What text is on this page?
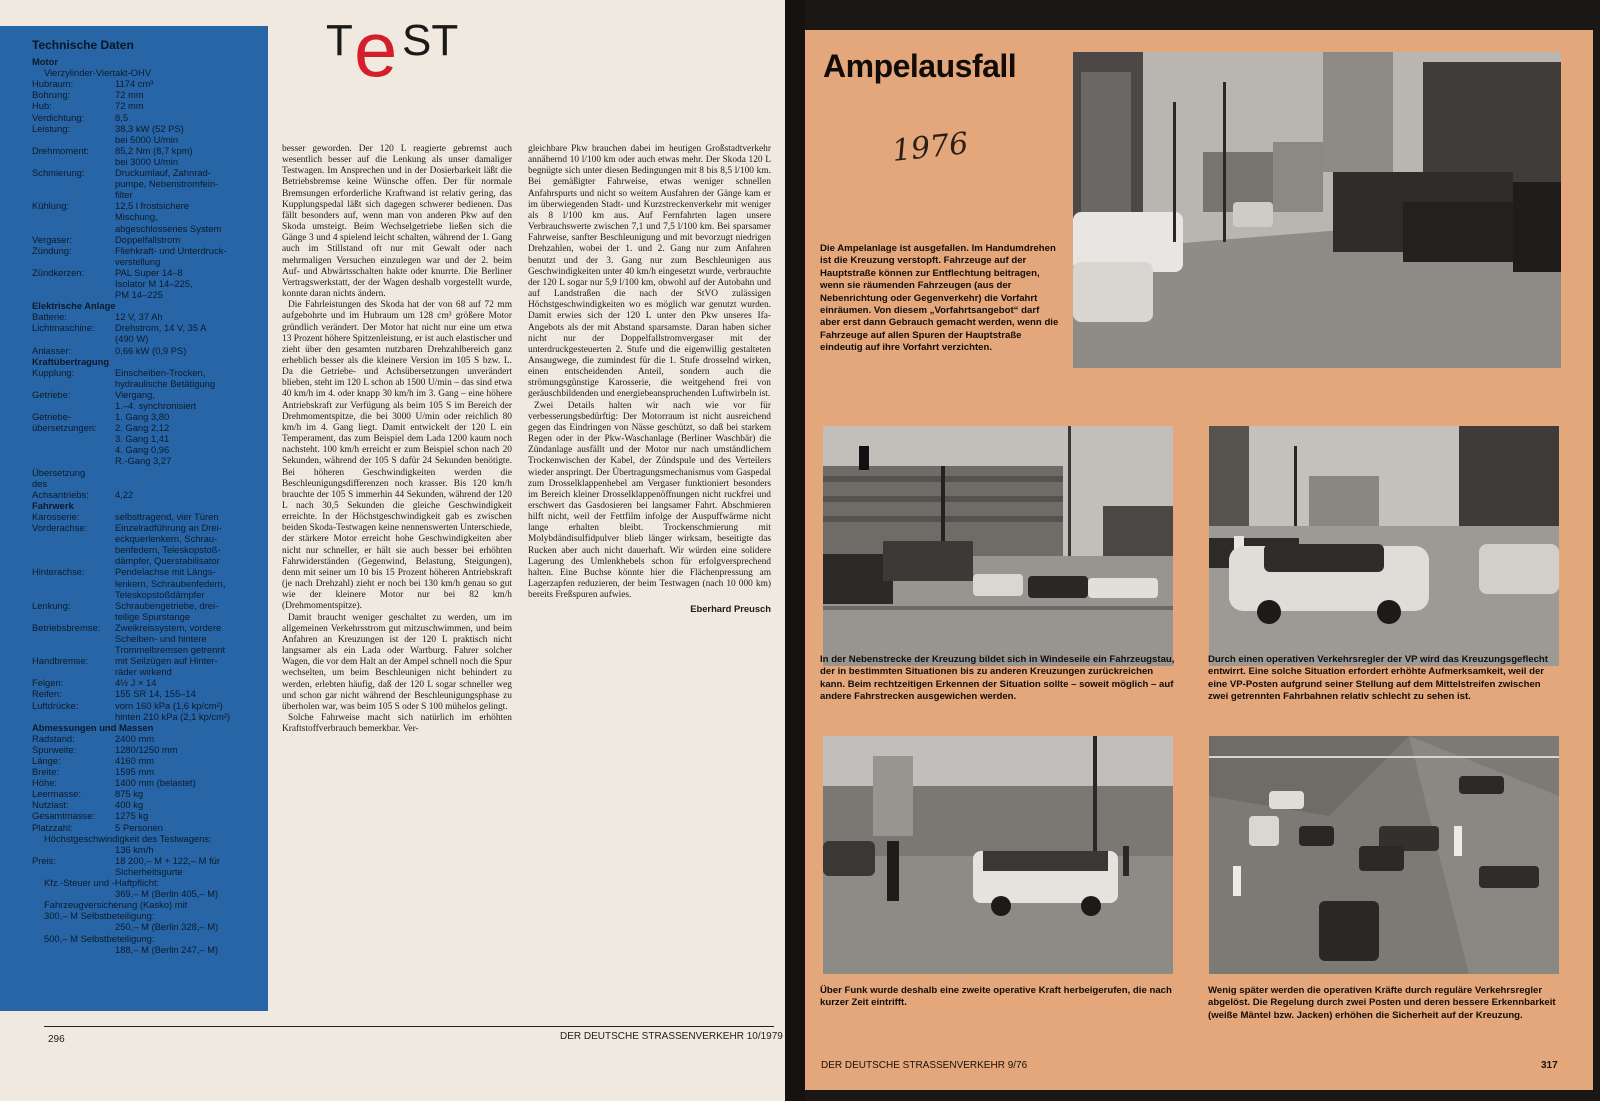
Technische Daten
Motor
Vierzylinder-Viertakt-OHV
Hubraum:	1174 cm³
Bohrung:	72 mm
Hub:	72 mm
Verdichtung:	8,5
Leistung:	38,3 kW (52 PS)
bei 5000 U/min
Drehmoment:	85,2 Nm (8,7 kpm)
bei 3000 U/min
Schmierung:	Druckumlauf, Zahnrad-
pumpe, Nebenstromfein-
filter
Kühlung:	12,5 l frostsichere
Mischung,
abgeschlossenes System
Vergaser:	Doppelfallstrom
Zündung:	Fliehkraft- und Unterdruck-
verstellung
Zündkerzen:	PAL Super 14–8
Isolator M 14–225,
PM 14–225
Elektrische Anlage
Batterie:	12 V, 37 Ah
Lichtmaschine:	Drehstrom, 14 V, 35 A
(490 W)
Anlasser:	0,66 kW (0,9 PS)
Kraftübertragung
Kupplung:	Einscheiben-Trocken,
hydraulische Betätigung
Getriebe:	Viergang,
1.–4. synchronisiert
Getriebe-	1. Gang 3,80
übersetzungen:	2. Gang 2,12
3. Gang 1,41
4. Gang 0,96
R.-Gang 3,27
Übersetzung
des
Achsantriebs:	4,22
Fahrwerk
Karosserie:	selbsttragend, vier Türen
Vorderachse:	Einzelradführung an Drei-
eckquerlenkern, Schrau-
benfedern, Teleskopstoß-
dämpfer, Querstabilisator
Hinterachse:	Pendelachse mit Längs-
lenkern, Schraubenfedern,
Teleskopstoßdämpfer
Lenkung:	Schraubengetriebe, drei-
teilige Spurstange
Betriebsbremse:	Zweikreissystem, vordere
Scheiben- und hintere
Trommelbremsen getrennt
Handbremse:	mit Seilzügen auf Hinter-
räder wirkend
Felgen:	4½ J × 14
Reifen:	155 SR 14, 155–14
Luftdrücke:	vorn 160 kPa (1,6 kp/cm²)
hinten 210 kPa (2,1 kp/cm²)
Abmessungen und Massen
Radstand:	2400 mm
Spurweite:	1280/1250 mm
Länge:	4160 mm
Breite:	1595 mm
Höhe:	1400 mm (belastet)
Leermasse:	875 kg
Nutzlast:	400 kg
Gesamtmasse:	1275 kg
Platzzahl:	5 Personen
Höchstgeschwindigkeit des Testwagens:
136 km/h
Preis:	18 200,– M + 122,– M für
Sicherheitsgurte
Kfz.-Steuer und -Haftpflicht:
369,– M (Berlin 405,– M)
Fahrzeugversicherung (Kasko) mit
300,– M Selbstbeteiligung:
250,– M (Berlin 328,– M)
500,– M Selbstbeteiligung:
188,– M (Berlin 247,– M)
T e ST

besser geworden. Der 120 L reagierte gebremst auch wesentlich besser auf die Lenkung als unser damaliger Testwagen. Im Ansprechen und in der Dosierbarkeit läßt die Betriebsbremse keine Wünsche offen. Der für normale Bremsungen erforderliche Kraftwand ist relativ gering, das Kupplungspedal läßt sich dagegen schwerer bedienen. Das fällt besonders auf, wenn man von anderen Pkw auf den Skoda umsteigt. Beim Wechselgetriebe ließen sich die Gänge 3 und 4 spielend leicht schalten, während der 1. Gang auch im Stillstand oft nur mit Gewalt oder nach mehrmaligen Versuchen einzulegen war und der 2. beim Auf- und Abwärtsschalten hakte oder knurrte. Die Berliner Vertragswerkstatt, der der Wagen deshalb vorgestellt wurde, konnte daran nichts ändern.

Die Fahrleistungen des Skoda hat der von 68 auf 72 mm aufgebohrte und im Hubraum um 128 cm³ größere Motor gründlich verändert. Der Motor hat nicht nur eine um etwa 13 Prozent höhere Spitzenleistung, er ist auch elastischer und zieht über den gesamten nutzbaren Drehzahlbereich ganz erheblich besser als die kleinere Version im 105 S bzw. L. Da die Getriebe- und Achsübersetzungen unverändert blieben, steht im 120 L schon ab 1500 U/min – das sind etwa 40 km/h im 4. oder knapp 30 km/h im 3. Gang – eine höhere Antriebskraft zur Verfügung als beim 105 S im Bereich der Drehmomentspitze, die bei 3000 U/min oder reichlich 80 km/h im 4. Gang liegt. Damit entwickelt der 120 L ein Temperament, das zum Beispiel dem Lada 1200 kaum noch nachsteht. 100 km/h erreicht er zum Beispiel schon nach 20 Sekunden, während der 105 S dafür 24 Sekunden benötigte. Bei höheren Geschwindigkeiten werden die Beschleunigungsdifferenzen noch krasser. Bis 120 km/h brauchte der 105 S immerhin 44 Sekunden, während der 120 L nach 30,5 Sekunden die gleiche Geschwindigkeit erreichte. In der Höchstgeschwindigkeit gab es zwischen beiden Skoda-Testwagen keine nennenswerten Unterschiede, der stärkere Motor erreicht hohe Geschwindigkeiten aber nicht nur schneller, er hält sie auch besser bei erhöhten Fahrwiderständen (Gegenwind, Belastung, Steigungen), denn mit seiner um 10 bis 15 Prozent höheren Antriebskraft (je nach Drehzahl) zieht er noch bei 130 km/h genau so gut wie der kleinere Motor nur bei 82 km/h (Drehmomentspitze).

Damit braucht weniger geschaltet zu werden, um im allgemeinen Verkehrsstrom gut mitzuschwimmen, und beim Anfahren an Kreuzungen ist der 120 L praktisch nicht langsamer als ein Lada oder Wartburg. Fahrer solcher Wagen, die vor dem Halt an der Ampel schnell noch die Spur wechselten, um beim Beschleunigen nicht behindert zu werden, erlebten häufig, daß der 120 L sogar schneller weg und schon gar nicht während der Beschleunigungsphase zu überholen war, was beim 105 S oder S 100 mühelos gelingt.

Solche Fahrweise macht sich natürlich im erhöhten Kraftstoffverbrauch bemerkbar. Ver-

gleichbare Pkw brauchen dabei im heutigen Großstadtverkehr annähernd 10 l/100 km oder auch etwas mehr. Der Skoda 120 L begnügte sich unter diesen Bedingungen mit 8 bis 8,5 l/100 km. Bei gemäßigter Fahrweise, etwas weniger schnellen Anfahrspurts und nicht so weitem Ausfahren der Gänge kam er im überwiegenden Stadt- und Kurzstreckenverkehr mit weniger als 8 l/100 km aus. Auf Fernfahrten lagen unsere Verbrauchswerte zwischen 7,1 und 7,5 l/100 km. Bei sparsamer Fahrweise, sanfter Beschleunigung und mit bevorzugt niedrigen Drehzahlen, wobei der 1. und 2. Gang nur zum Anfahren benutzt und der 3. Gang nur zum Beschleunigen aus Geschwindigkeiten unter 40 km/h eingesetzt wurde, verbrauchte der 120 L sogar nur 5,9 l/100 km, obwohl auf der Autobahn und auf Landstraßen die nach der StVO zulässigen Höchstgeschwindigkeiten wo es möglich war genutzt wurden. Damit erwies sich der 120 L unter den Pkw unseres Ifa-Angebots als der mit Abstand sparsamste. Daran haben sicher nicht nur der Doppelfallstromvergaser mit der unterdruckgesteuerten 2. Stufe und die eigenwillig gestalteten Ansaugwege, die zumindest für die 1. Stufe drosselnd wirken, einen entscheidenden Anteil, sondern auch die strömungsgünstige Karosserie, die weitgehend frei von geräuschbildenden und energiebeanspruchenden Luftwirbeln ist.

Zwei Details halten wir nach wie vor für verbesserungsbedürftig: Der Motorraum ist nicht ausreichend gegen das Eindringen von Nässe geschützt, so daß bei starkem Regen oder in der Pkw-Waschanlage (Berliner Waschbär) die Zündanlage ausfällt und der Motor nur nach umständlichem Trockenwischen der Kabel, der Zündspule und des Verteilers wieder anspringt. Der Übertragungsmechanismus vom Gaspedal zum Drosselklappenhebel am Vergaser funktioniert besonders im Bereich kleiner Drosselklappenöffnungen nicht ruckfrei und erschwert das Gasdosieren bei langsamer Fahrt. Abschmieren hilft nicht, weil der Fettfilm infolge der Auspuffwärme nicht lange erhalten bleibt. Trockenschmierung mit Molybdändisulfidpulver blieb länger wirksam, beseitigte das Rucken aber auch nicht dauerhaft. Wir würden eine solidere Lagerung des Umlenkhebels schon für erfolgversprechend halten. Eine Buchse könnte hier die Flächenpressung am Lagerzapfen reduzieren, der beim Testwagen (nach 10 000 km) bereits Freßspuren aufwies.

Eberhard Preusch
296	DER DEUTSCHE STRASSENVERKEHR 10/1979
Ampelausfall
1976
Die Ampelanlage ist ausgefallen. Im Handumdrehen ist die Kreuzung verstopft. Fahrzeuge auf der Hauptstraße können zur Entflechtung beitragen, wenn sie räumenden Fahrzeugen (aus der Nebenrichtung oder Gegenverkehr) die Vorfahrt einräumen. Von diesem „Vorfahrtsangebot“ darf aber erst dann Gebrauch gemacht werden, wenn die Fahrzeuge auf allen Spuren der Hauptstraße eindeutig auf ihre Vorfahrt verzichten.
In der Nebenstrecke der Kreuzung bildet sich in Windeseile ein Fahrzeugstau, der in bestimmten Situationen bis zu anderen Kreuzungen zurückreichen kann. Beim rechtzeitigen Erkennen der Situation sollte – soweit möglich – auf andere Fahrstrecken ausgewichen werden.
Durch einen operativen Verkehrsregler der VP wird das Kreuzungsgeflecht entwirrt. Eine solche Situation erfordert erhöhte Aufmerksamkeit, weil der eine VP-Posten aufgrund seiner Stellung auf dem Mittelstreifen zwischen zwei getrennten Fahrbahnen relativ schlecht zu sehen ist.
Über Funk wurde deshalb eine zweite operative Kraft herbeigerufen, die nach kurzer Zeit eintrifft.
Wenig später werden die operativen Kräfte durch reguläre Verkehrsregler abgelöst. Die Regelung durch zwei Posten und deren bessere Erkennbarkeit (weiße Mäntel bzw. Jacken) erhöhen die Sicherheit auf der Kreuzung.
DER DEUTSCHE STRASSENVERKEHR 9/76	317
